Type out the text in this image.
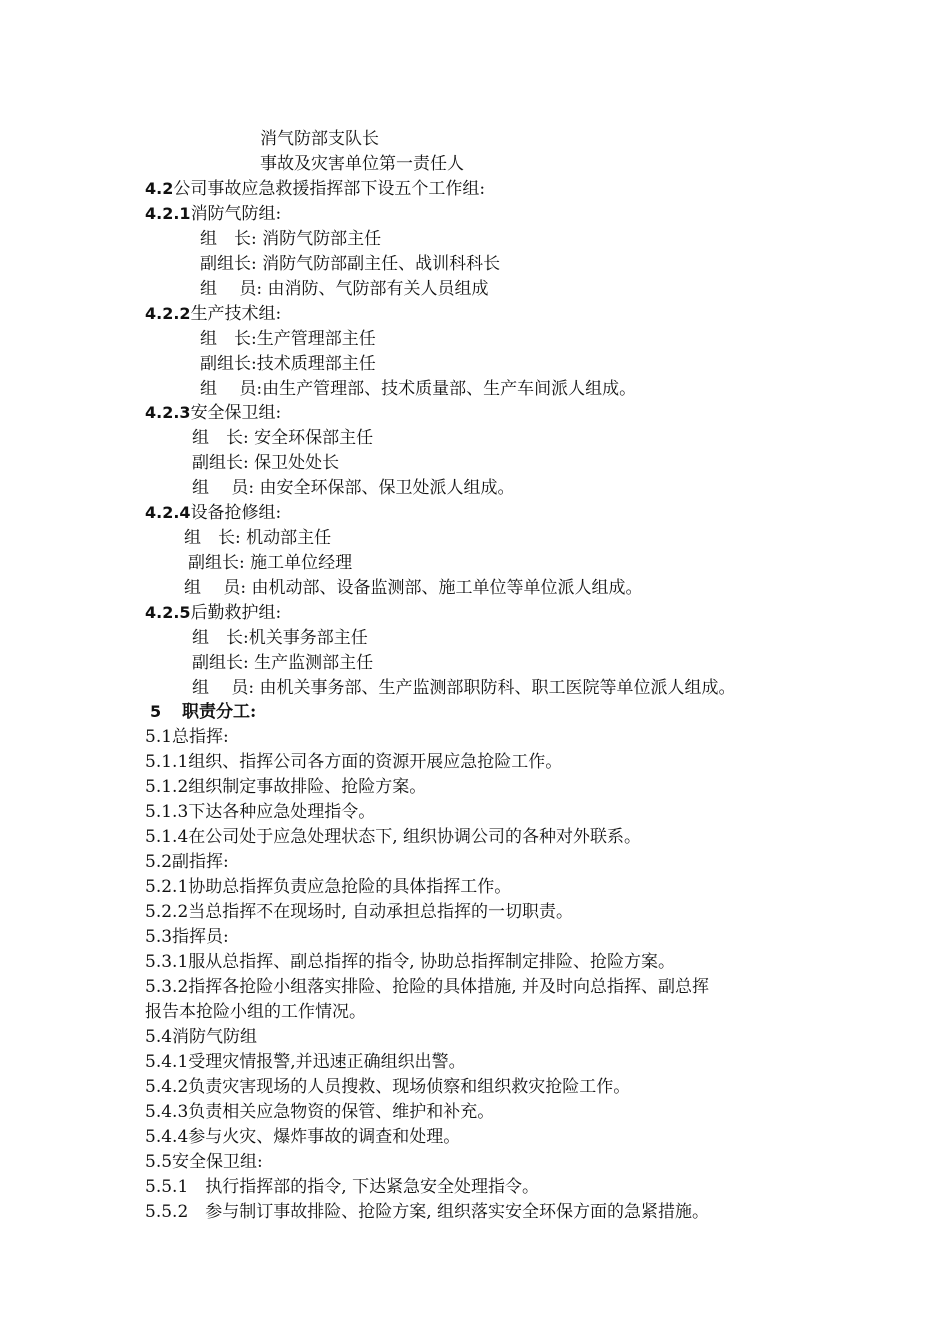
消气防部支队长
事故及灾害单位第一责任人
4.2公司事故应急救援指挥部下设五个工作组:
4.2.1消防气防组:
组　长: 消防气防部主任
副组长: 消防气防部副主任、战训科科长
组　 员: 由消防、气防部有关人员组成
4.2.2生产技术组:
组　长:生产管理部主任
副组长:技术质理部主任
组　 员:由生产管理部、技术质量部、生产车间派人组成。
4.2.3安全保卫组:
组　长: 安全环保部主任
副组长: 保卫处处长
组　 员: 由安全环保部、保卫处派人组成。
4.2.4设备抢修组:
组　长: 机动部主任
副组长: 施工单位经理
组　 员: 由机动部、设备监测部、施工单位等单位派人组成。
4.2.5后勤救护组:
组　长:机关事务部主任
副组长: 生产监测部主任
组　 员: 由机关事务部、生产监测部职防科、职工医院等单位派人组成。
5 职责分工:
5.1总指挥:
5.1.1组织、指挥公司各方面的资源开展应急抢险工作。
5.1.2组织制定事故排险、抢险方案。
5.1.3下达各种应急处理指令。
5.1.4在公司处于应急处理状态下, 组织协调公司的各种对外联系。
5.2副指挥:
5.2.1协助总指挥负责应急抢险的具体指挥工作。
5.2.2当总指挥不在现场时, 自动承担总指挥的一切职责。
5.3指挥员:
5.3.1服从总指挥、副总指挥的指令, 协助总指挥制定排险、抢险方案。
5.3.2指挥各抢险小组落实排险、抢险的具体措施, 并及时向总指挥、副总挥
报告本抢险小组的工作情况。
5.4消防气防组
5.4.1受理灾情报警,并迅速正确组织出警。
5.4.2负责灾害现场的人员搜救、现场侦察和组织救灾抢险工作。
5.4.3负责相关应急物资的保管、维护和补充。
5.4.4参与火灾、爆炸事故的调查和处理。
5.5安全保卫组:
5.5.1　执行指挥部的指令, 下达紧急安全处理指令。
5.5.2　参与制订事故排险、抢险方案, 组织落实安全环保方面的急紧措施。
